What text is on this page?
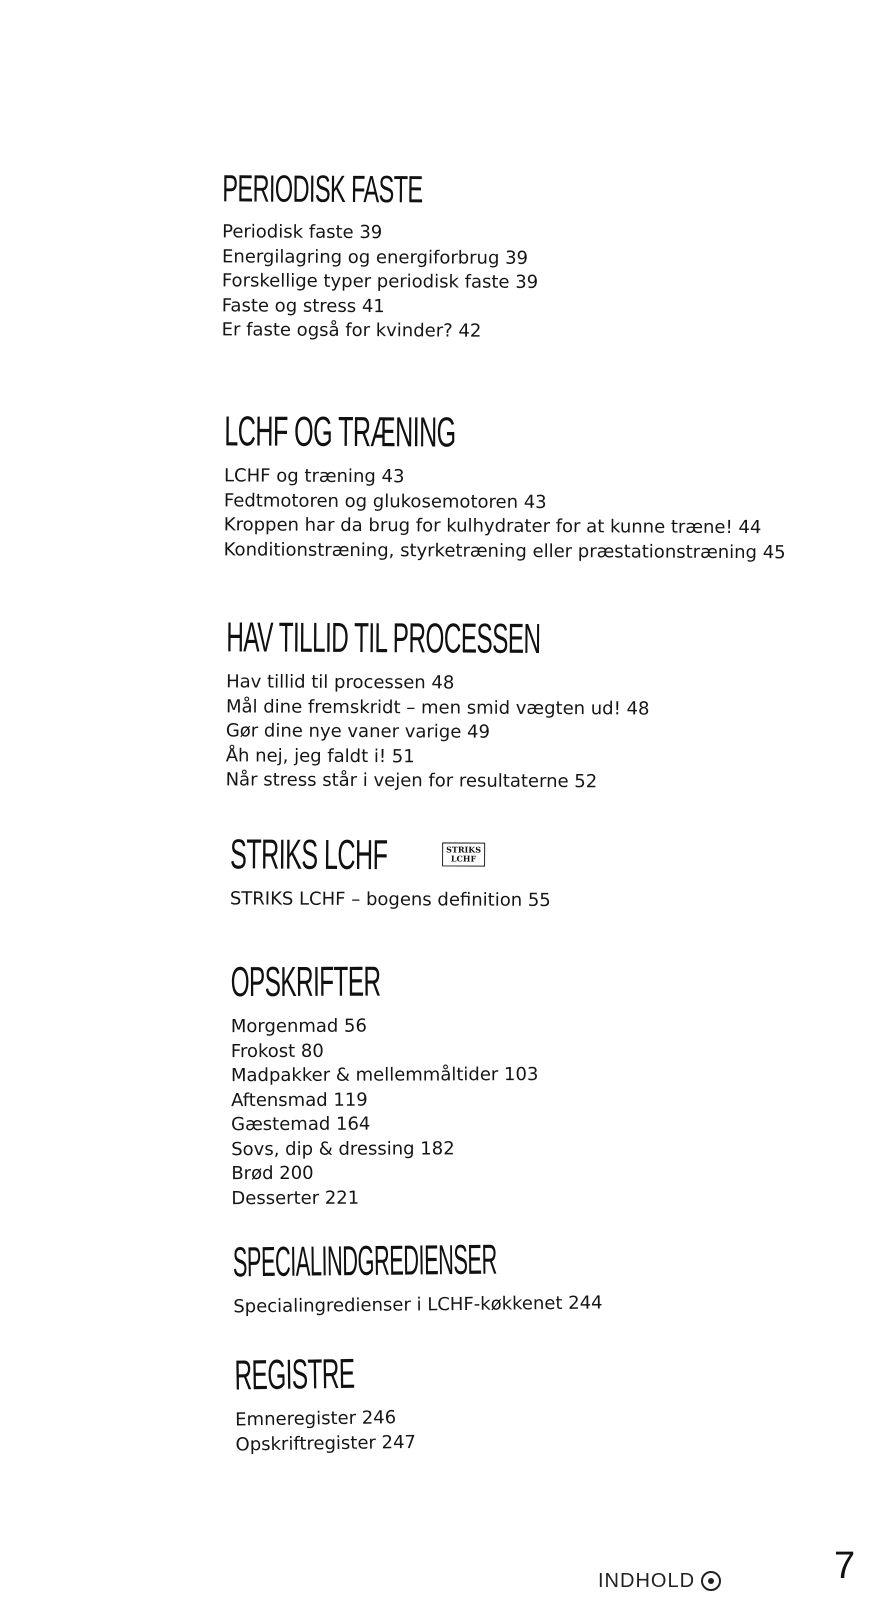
PERIODISK FASTE
Periodisk faste 39
Energilagring og energiforbrug 39
Forskellige typer periodisk faste 39
Faste og stress 41
Er faste også for kvinder? 42
LCHF OG TRÆNING
LCHF og træning 43
Fedtmotoren og glukosemotoren 43
Kroppen har da brug for kulhydrater for at kunne træne! 44
Konditionstræning, styrketræning eller præstationstræning 45
HAV TILLID TIL PROCESSEN
Hav tillid til processen 48
Mål dine fremskridt – men smid vægten ud! 48
Gør dine nye vaner varige 49
Åh nej, jeg faldt i! 51
Når stress står i vejen for resultaterne 52
STRIKS LCHF	STRIKS
LCHF
STRIKS LCHF – bogens definition 55
OPSKRIFTER
Morgenmad 56
Frokost 80
Madpakker & mellemmåltider 103
Aftensmad 119
Gæstemad 164
Sovs, dip & dressing 182
Brød 200
Desserter 221
SPECIALINDGREDIENSER
Specialingredienser i LCHF-køkkenet 244
REGISTRE
Emneregister 246
Opskriftregister 247
INDHOLD	7
